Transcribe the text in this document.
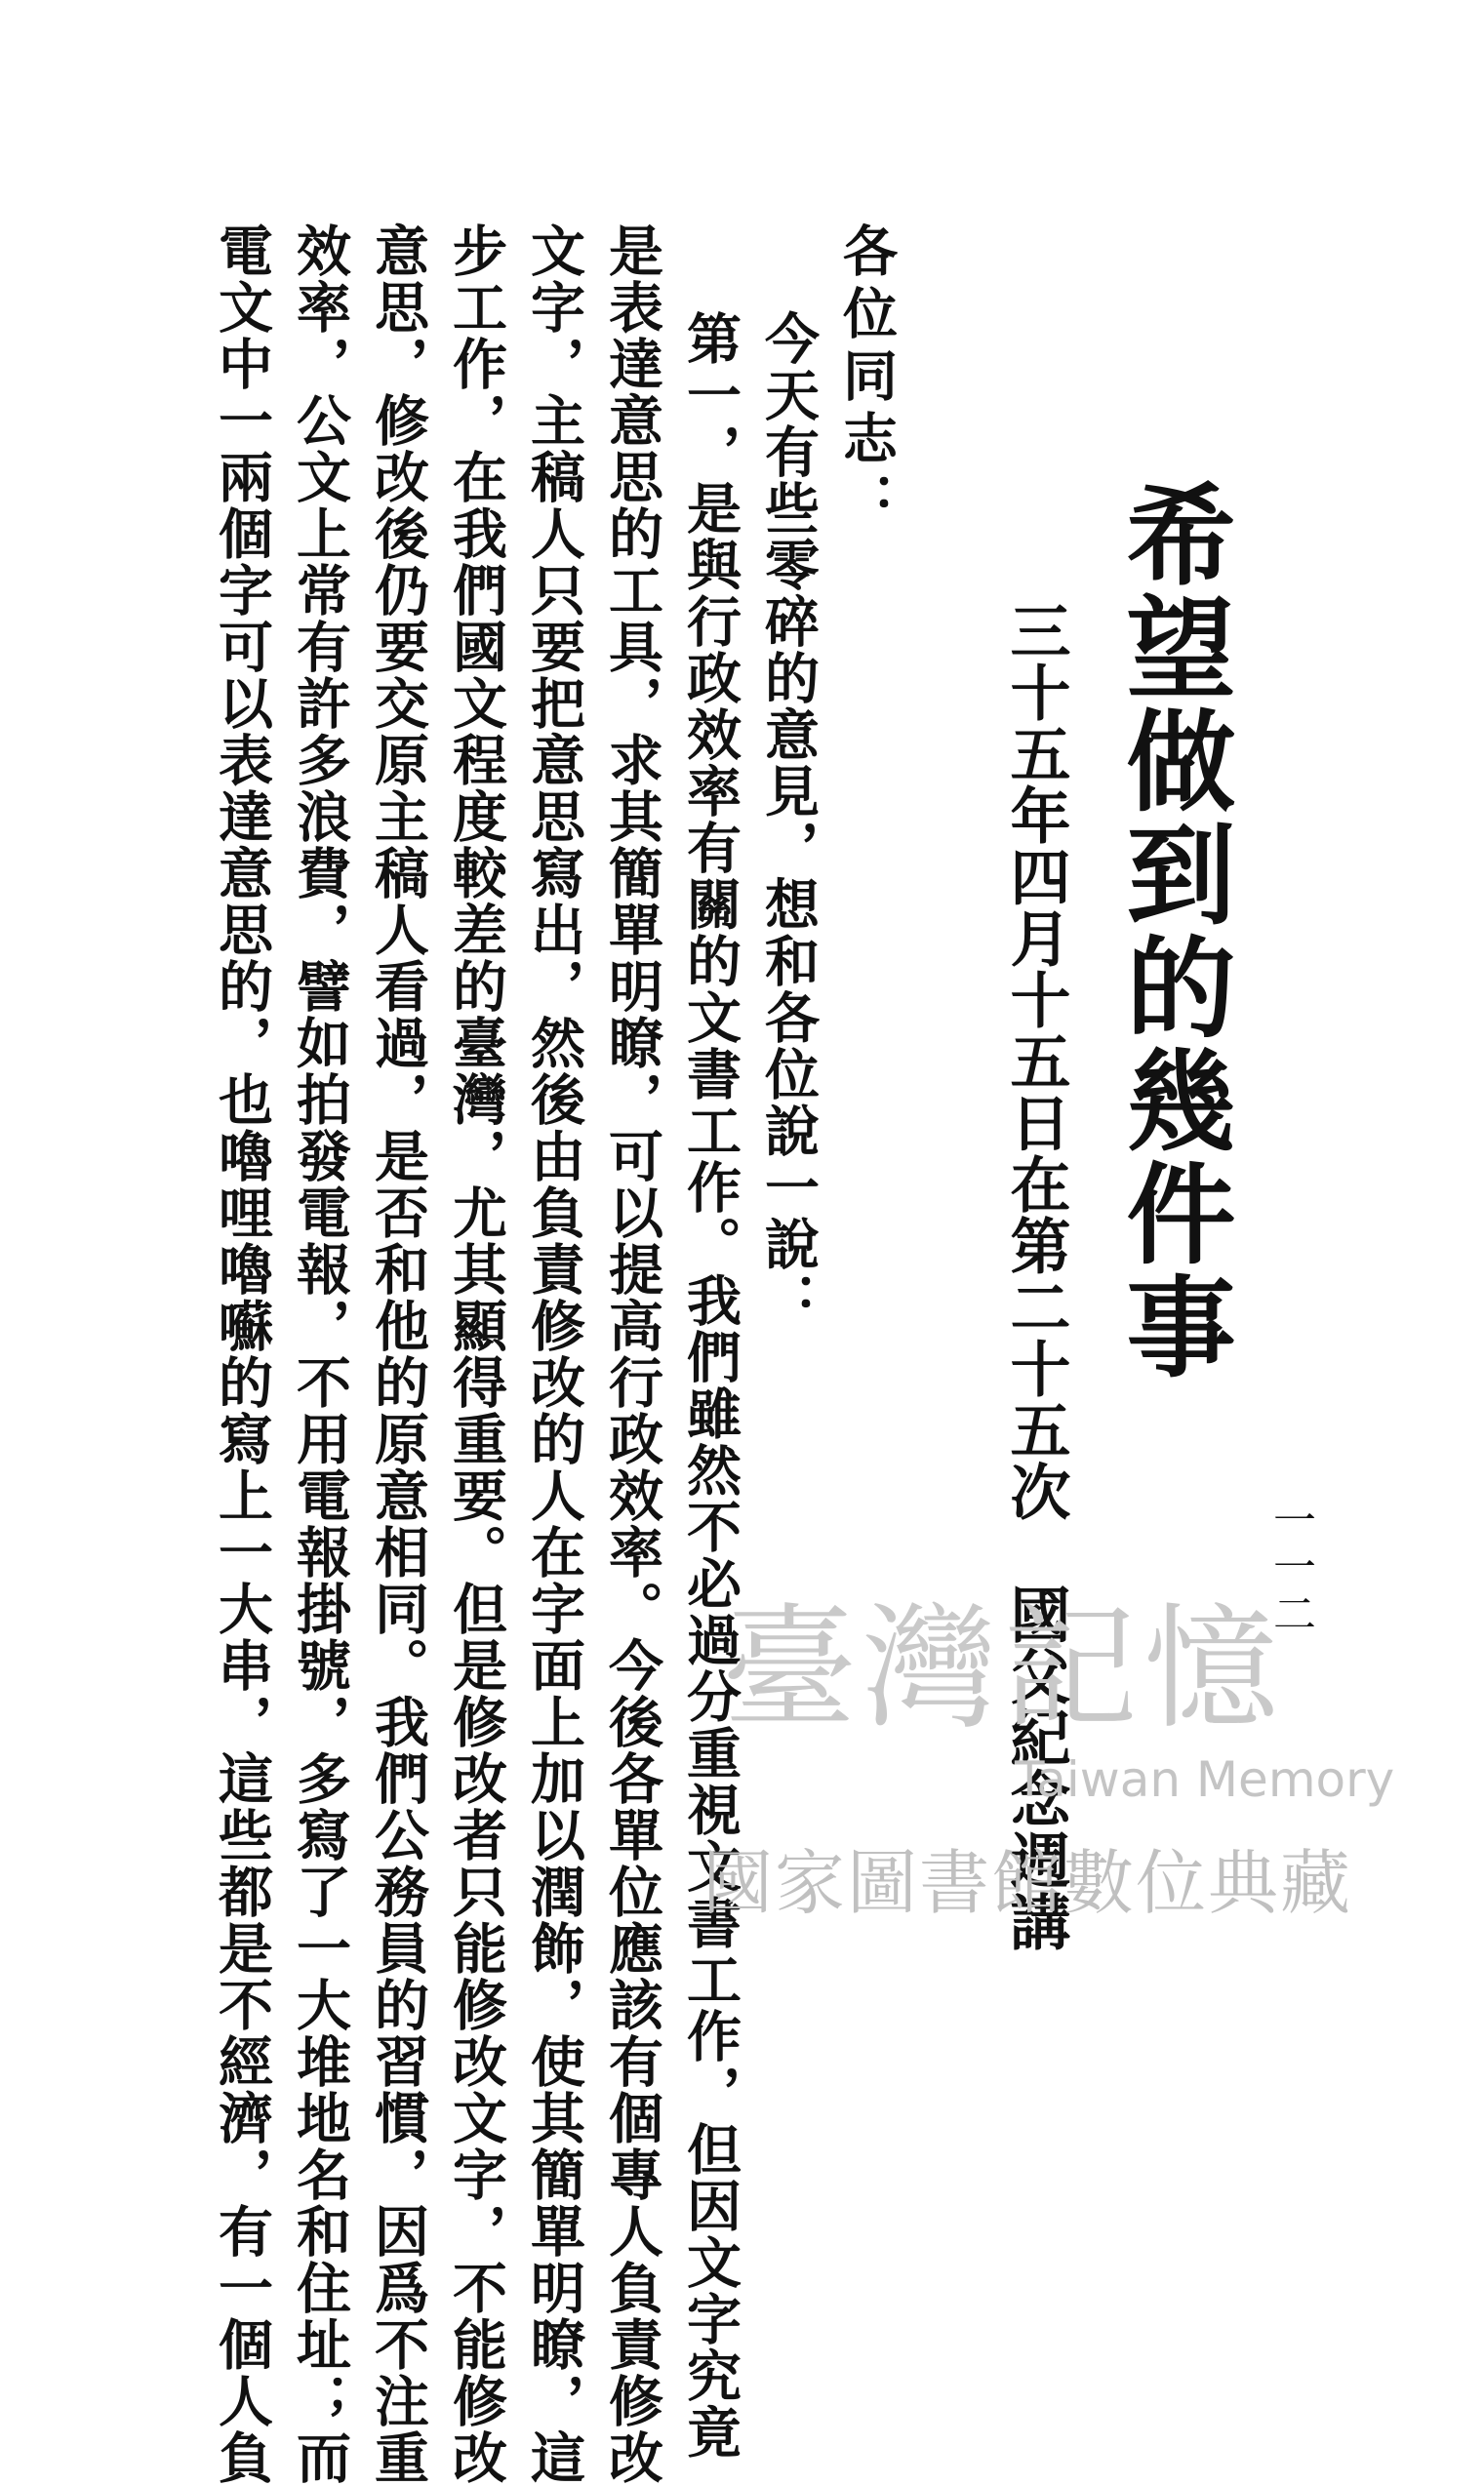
一一二
希望做到的幾件事
三十五年四月十五日在第二十五次　國父紀念週講
各位同志：
今天有些零碎的意見，想和各位說一說：
第一，是與行政效率有關的文書工作。我們雖然不必過分重視文書工作，但因文字究竟
是表達意思的工具，求其簡單明瞭，可以提高行政效率。今後各單位應該有個專人負責修改
文字，主稿人只要把意思寫出，然後由負責修改的人在字面上加以潤飾，使其簡單明瞭，這
步工作，在我們國文程度較差的臺灣，尤其顯得重要。但是修改者只能修改文字，不能修改
意思，修改後仍要交原主稿人看過，是否和他的原意相同。我們公務員的習慣，因爲不注重
效率，公文上常有許多浪費，譬如拍發電報，不用電報掛號，多寫了一大堆地名和住址；而
電文中一兩個字可以表達意思的，也嚕哩嚕囌的寫上一大串，這些都是不經濟，有一個人負	臺灣記憶
Taiwan Memory
國家圖書館數位典藏
